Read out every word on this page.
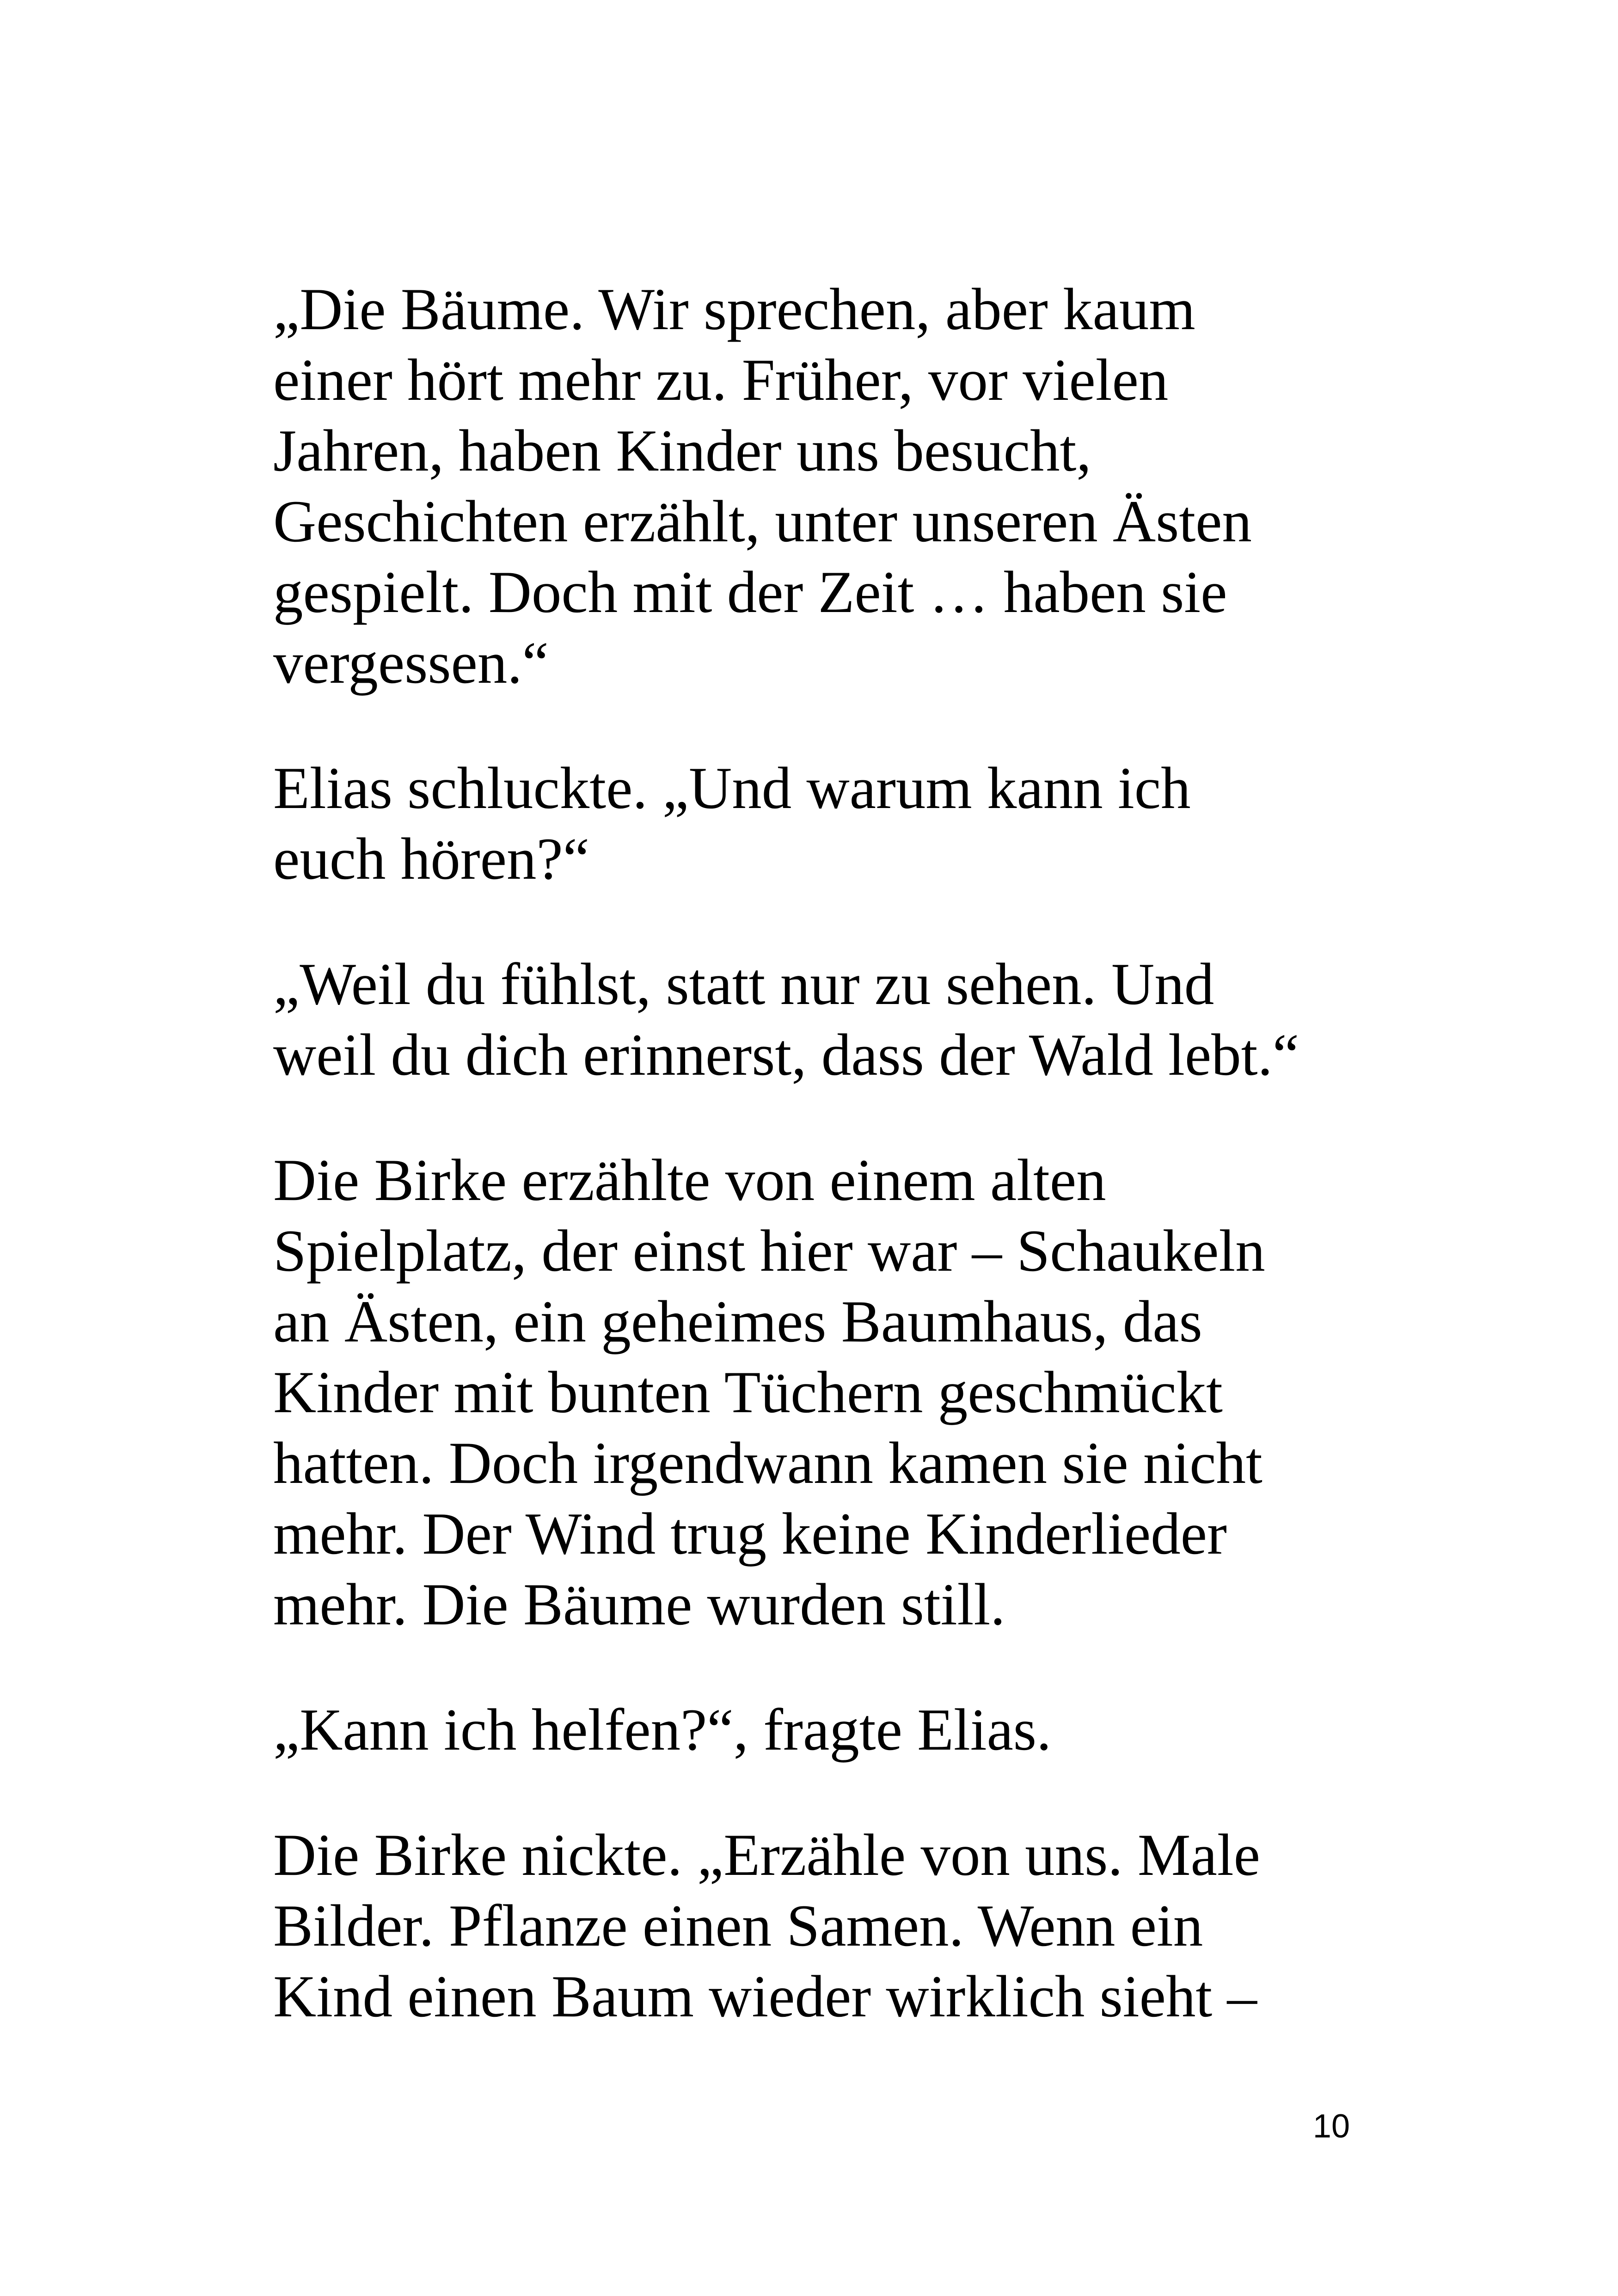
„Die Bäume. Wir sprechen, aber kaum
einer hört mehr zu. Früher, vor vielen
Jahren, haben Kinder uns besucht,
Geschichten erzählt, unter unseren Ästen
gespielt. Doch mit der Zeit … haben sie
vergessen.“

Elias schluckte. „Und warum kann ich
euch hören?“

„Weil du fühlst, statt nur zu sehen. Und
weil du dich erinnerst, dass der Wald lebt.“

Die Birke erzählte von einem alten
Spielplatz, der einst hier war – Schaukeln
an Ästen, ein geheimes Baumhaus, das
Kinder mit bunten Tüchern geschmückt
hatten. Doch irgendwann kamen sie nicht
mehr. Der Wind trug keine Kinderlieder
mehr. Die Bäume wurden still.

„Kann ich helfen?“, fragte Elias.

Die Birke nickte. „Erzähle von uns. Male
Bilder. Pflanze einen Samen. Wenn ein
Kind einen Baum wieder wirklich sieht –

10
